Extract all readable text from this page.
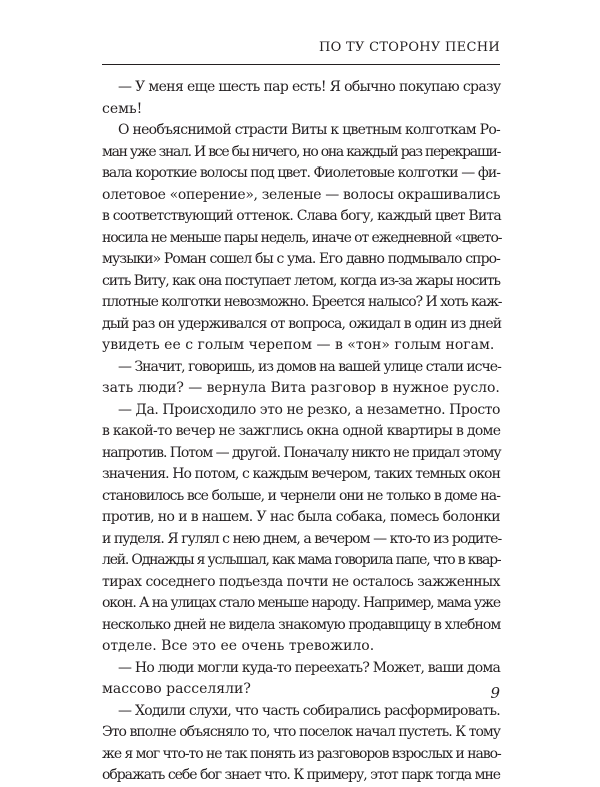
ПО ТУ СТОРОНУ ПЕСНИ
— У меня еще шесть пар есть! Я обычно покупаю сразу
семь!
О необъяснимой страсти Виты к цветным колготкам Ро-
ман уже знал. И все бы ничего, но она каждый раз перекраши-
вала короткие волосы под цвет. Фиолетовые колготки — фи-
олетовое «оперение», зеленые — волосы окрашивались
в соответствующий оттенок. Слава богу, каждый цвет Вита
носила не меньше пары недель, иначе от ежедневной «цвето-
музыки» Роман сошел бы с ума. Его давно подмывало спро-
сить Виту, как она поступает летом, когда из-за жары носить
плотные колготки невозможно. Бреется налысо? И хоть каж-
дый раз он удерживался от вопроса, ожидал в один из дней
увидеть ее с голым черепом — в «тон» голым ногам.
— Значит, говоришь, из домов на вашей улице стали исче-
зать люди? — вернула Вита разговор в нужное русло.
— Да. Происходило это не резко, а незаметно. Просто
в какой-то вечер не зажглись окна одной квартиры в доме
напротив. Потом — другой. Поначалу никто не придал этому
значения. Но потом, с каждым вечером, таких темных окон
становилось все больше, и чернели они не только в доме на-
против, но и в нашем. У нас была собака, помесь болонки
и пуделя. Я гулял с нею днем, а вечером — кто-то из родите-
лей. Однажды я услышал, как мама говорила папе, что в квар-
тирах соседнего подъезда почти не осталось зажженных
окон. А на улицах стало меньше народу. Например, мама уже
несколько дней не видела знакомую продавщицу в хлебном
отделе. Все это ее очень тревожило.
— Но люди могли куда-то переехать? Может, ваши дома
массово расселяли?
— Ходили слухи, что часть собирались расформировать.
Это вполне объясняло то, что поселок начал пустеть. К тому
же я мог что-то не так понять из разговоров взрослых и наво-
ображать себе бог знает что. К примеру, этот парк тогда мне
9
